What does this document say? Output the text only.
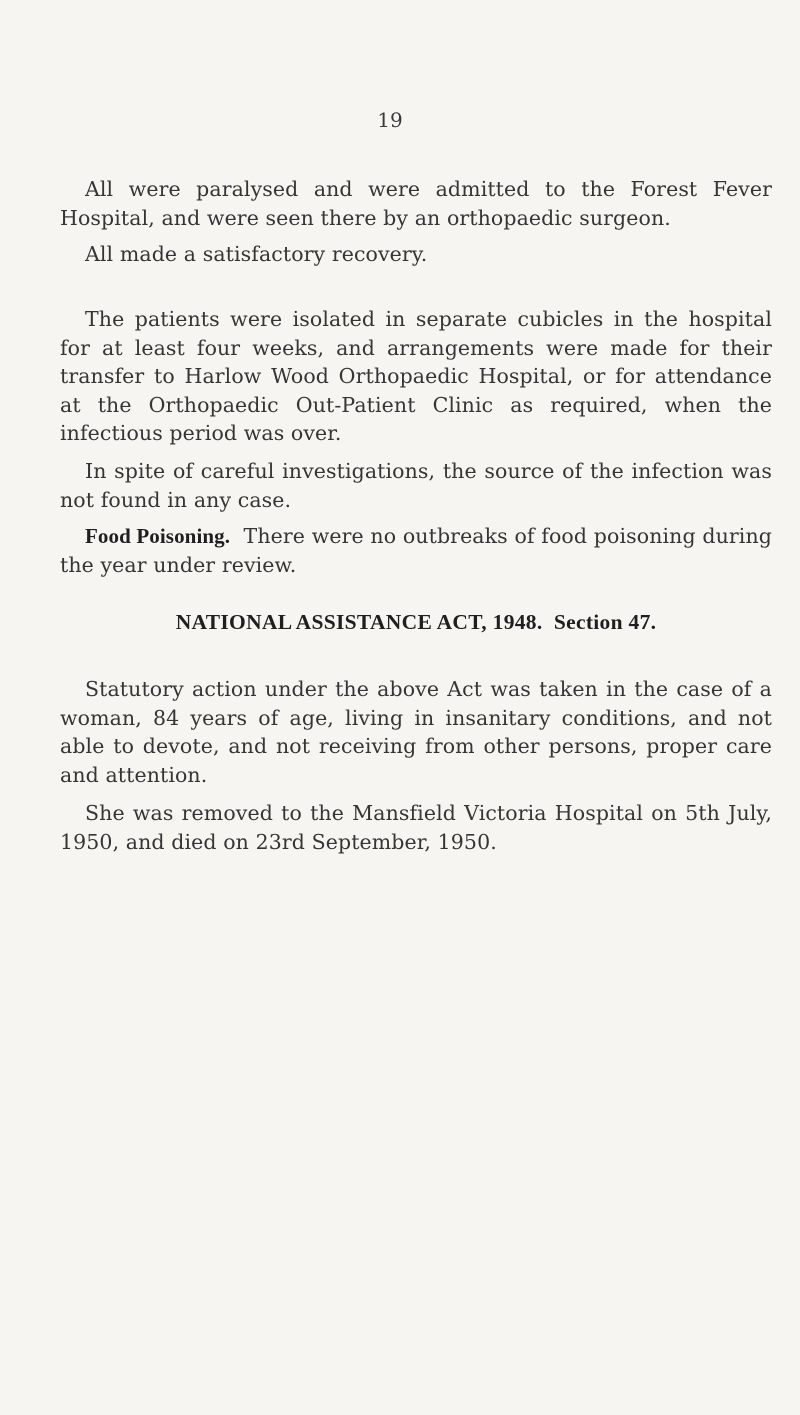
19

All were paralysed and were admitted to the Forest Fever Hospital, and were seen there by an orthopaedic surgeon.

All made a satisfactory recovery.

The patients were isolated in separate cubicles in the hospital for at least four weeks, and arrangements were made for their transfer to Harlow Wood Orthopaedic Hospital, or for attendance at the Orthopaedic Out-Patient Clinic as required, when the infectious period was over.

In spite of careful investigations, the source of the infection was not found in any case.

Food Poisoning. There were no outbreaks of food poisoning during the year under review.

NATIONAL ASSISTANCE ACT, 1948. Section 47.

Statutory action under the above Act was taken in the case of a woman, 84 years of age, living in insanitary conditions, and not able to devote, and not receiving from other persons, proper care and attention.

She was removed to the Mansfield Victoria Hospital on 5th July, 1950, and died on 23rd September, 1950.
